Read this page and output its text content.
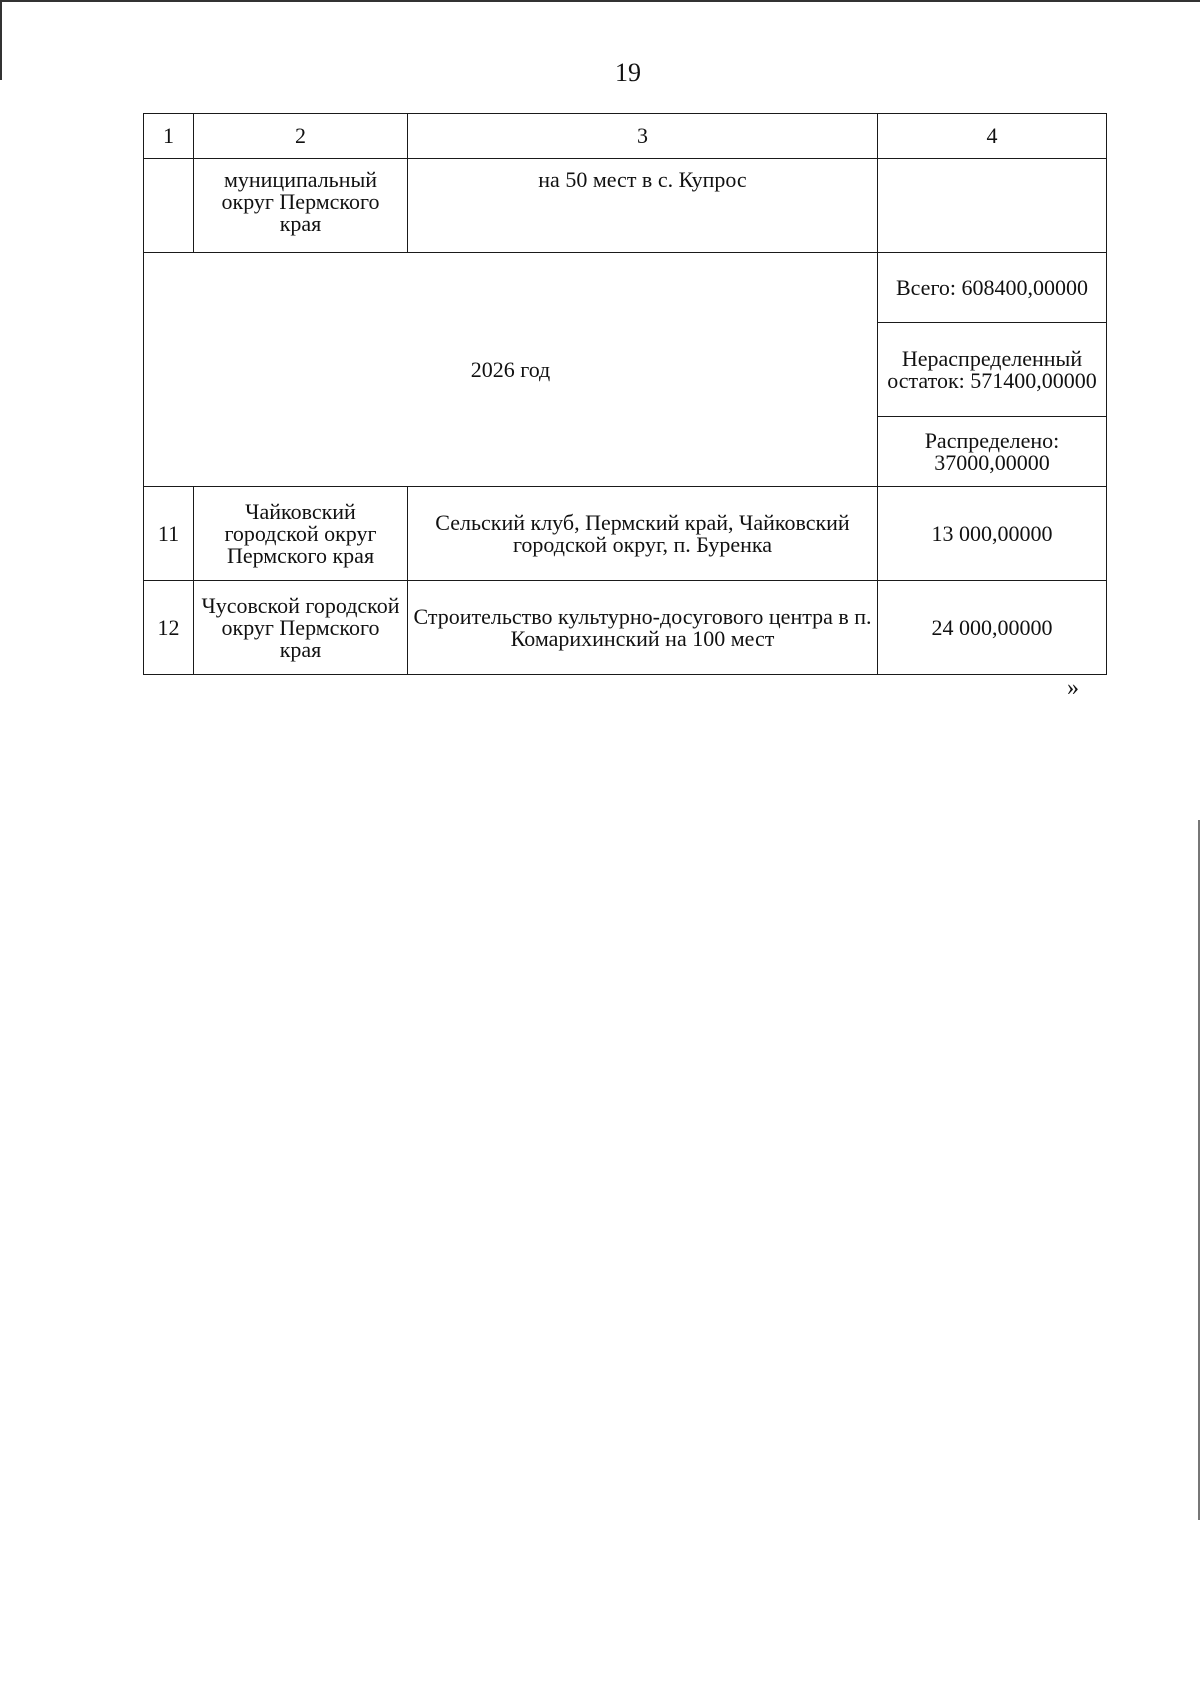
19
1	2	3	4
	муниципальный округ Пермского края	на 50 мест в с. Купрос	
2026 год			Всего: 608400,00000
			Нераспределенный остаток: 571400,00000
			Распределено: 37000,00000
11	Чайковский городской округ Пермского края	Сельский клуб, Пермский край, Чайковский городской округ, п. Буренка	13 000,00000
12	Чусовской городской округ Пермского края	Строительство культурно-досугового центра в п. Комарихинский на 100 мест	24 000,00000
»
